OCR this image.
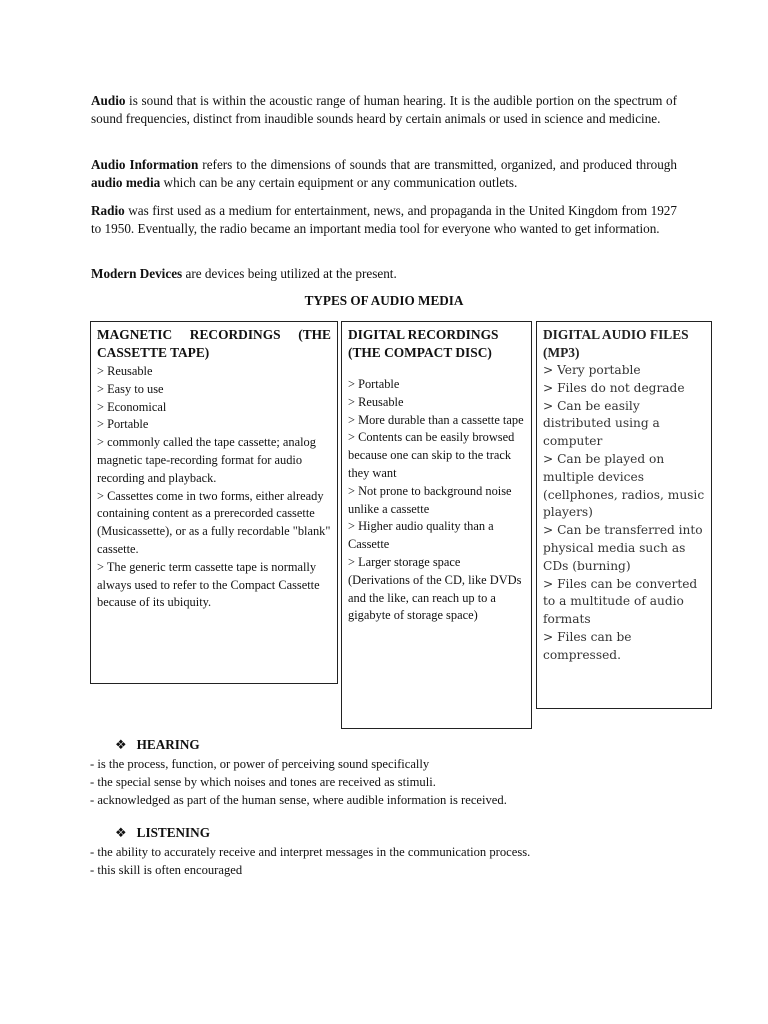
Audio is sound that is within the acoustic range of human hearing. It is the audible portion on the spectrum of sound frequencies, distinct from inaudible sounds heard by certain animals or used in science and medicine.

Audio Information refers to the dimensions of sounds that are transmitted, organized, and produced through audio media which can be any certain equipment or any communication outlets.

Radio was first used as a medium for entertainment, news, and propaganda in the United Kingdom from 1927 to 1950. Eventually, the radio became an important media tool for everyone who wanted to get information.

Modern Devices are devices being utilized at the present.

TYPES OF AUDIO MEDIA

MAGNETIC RECORDINGS (THE CASSETTE TAPE)
> Reusable
> Easy to use
> Economical
> Portable
> commonly called the tape cassette; analog magnetic tape-recording format for audio recording and playback.
> Cassettes come in two forms, either already containing content as a prerecorded cassette (Musicassette), or as a fully recordable "blank" cassette.
> The generic term cassette tape is normally always used to refer to the Compact Cassette because of its ubiquity.
DIGITAL RECORDINGS (THE COMPACT DISC)
> Portable
> Reusable
> More durable than a cassette tape
> Contents can be easily browsed because one can skip to the track they want
> Not prone to background noise unlike a cassette
> Higher audio quality than a Cassette
> Larger storage space (Derivations of the CD, like DVDs and the like, can reach up to a gigabyte of storage space)
DIGITAL AUDIO FILES (MP3)
> Very portable
> Files do not degrade
> Can be easily distributed using a computer
> Can be played on multiple devices (cellphones, radios, music players)
> Can be transferred into physical media such as CDs (burning)
> Files can be converted to a multitude of audio formats
> Files can be compressed.
❖ HEARING
- is the process, function, or power of perceiving sound specifically
- the special sense by which noises and tones are received as stimuli.
- acknowledged as part of the human sense, where audible information is received.
❖ LISTENING
- the ability to accurately receive and interpret messages in the communication process.
- this skill is often encouraged
